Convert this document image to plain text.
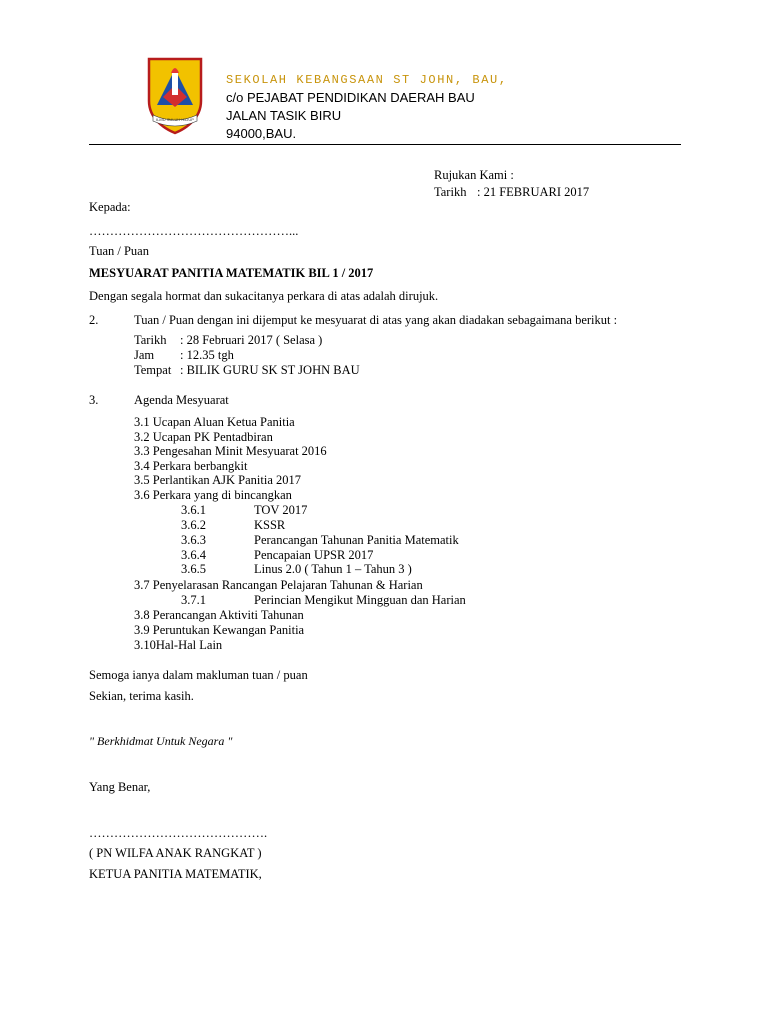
ILMU SULUH HIDUP
SEKOLAH KEBANGSAAN ST JOHN, BAU,
c/o PEJABAT PENDIDIKAN DAERAH BAU
JALAN TASIK BIRU
94000,BAU.
Rujukan Kami :
Tarikh : 21 FEBRUARI 2017
Kepada:
…………………………………………...
Tuan / Puan
MESYUARAT PANITIA MATEMATIK BIL 1 / 2017
Dengan segala hormat dan sukacitanya perkara di atas adalah dirujuk.
2.	Tuan / Puan dengan ini dijemput ke mesyuarat di atas yang akan diadakan sebagaimana berikut :
Tarikh : 28 Februari 2017 ( Selasa )
Jam : 12.35 tgh
Tempat : BILIK GURU SK ST JOHN BAU
3.	Agenda Mesyuarat
3.1 Ucapan Aluan Ketua Panitia
3.2 Ucapan PK Pentadbiran
3.3 Pengesahan Minit Mesyuarat 2016
3.4 Perkara berbangkit
3.5 Perlantikan AJK Panitia 2017
3.6 Perkara yang di bincangkan
3.6.1	TOV 2017
3.6.2	KSSR
3.6.3	Perancangan Tahunan Panitia Matematik
3.6.4	Pencapaian UPSR 2017
3.6.5	Linus 2.0 ( Tahun 1 – Tahun 3 )
3.7 Penyelarasan Rancangan Pelajaran Tahunan & Harian
3.7.1	Perincian Mengikut Mingguan dan Harian
3.8 Perancangan Aktiviti Tahunan
3.9 Peruntukan Kewangan Panitia
3.10Hal-Hal Lain
Semoga ianya dalam makluman tuan / puan
Sekian, terima kasih.
" Berkhidmat Untuk Negara "
Yang Benar,
…………………………………….
( PN WILFA ANAK RANGKAT )
KETUA PANITIA MATEMATIK,
